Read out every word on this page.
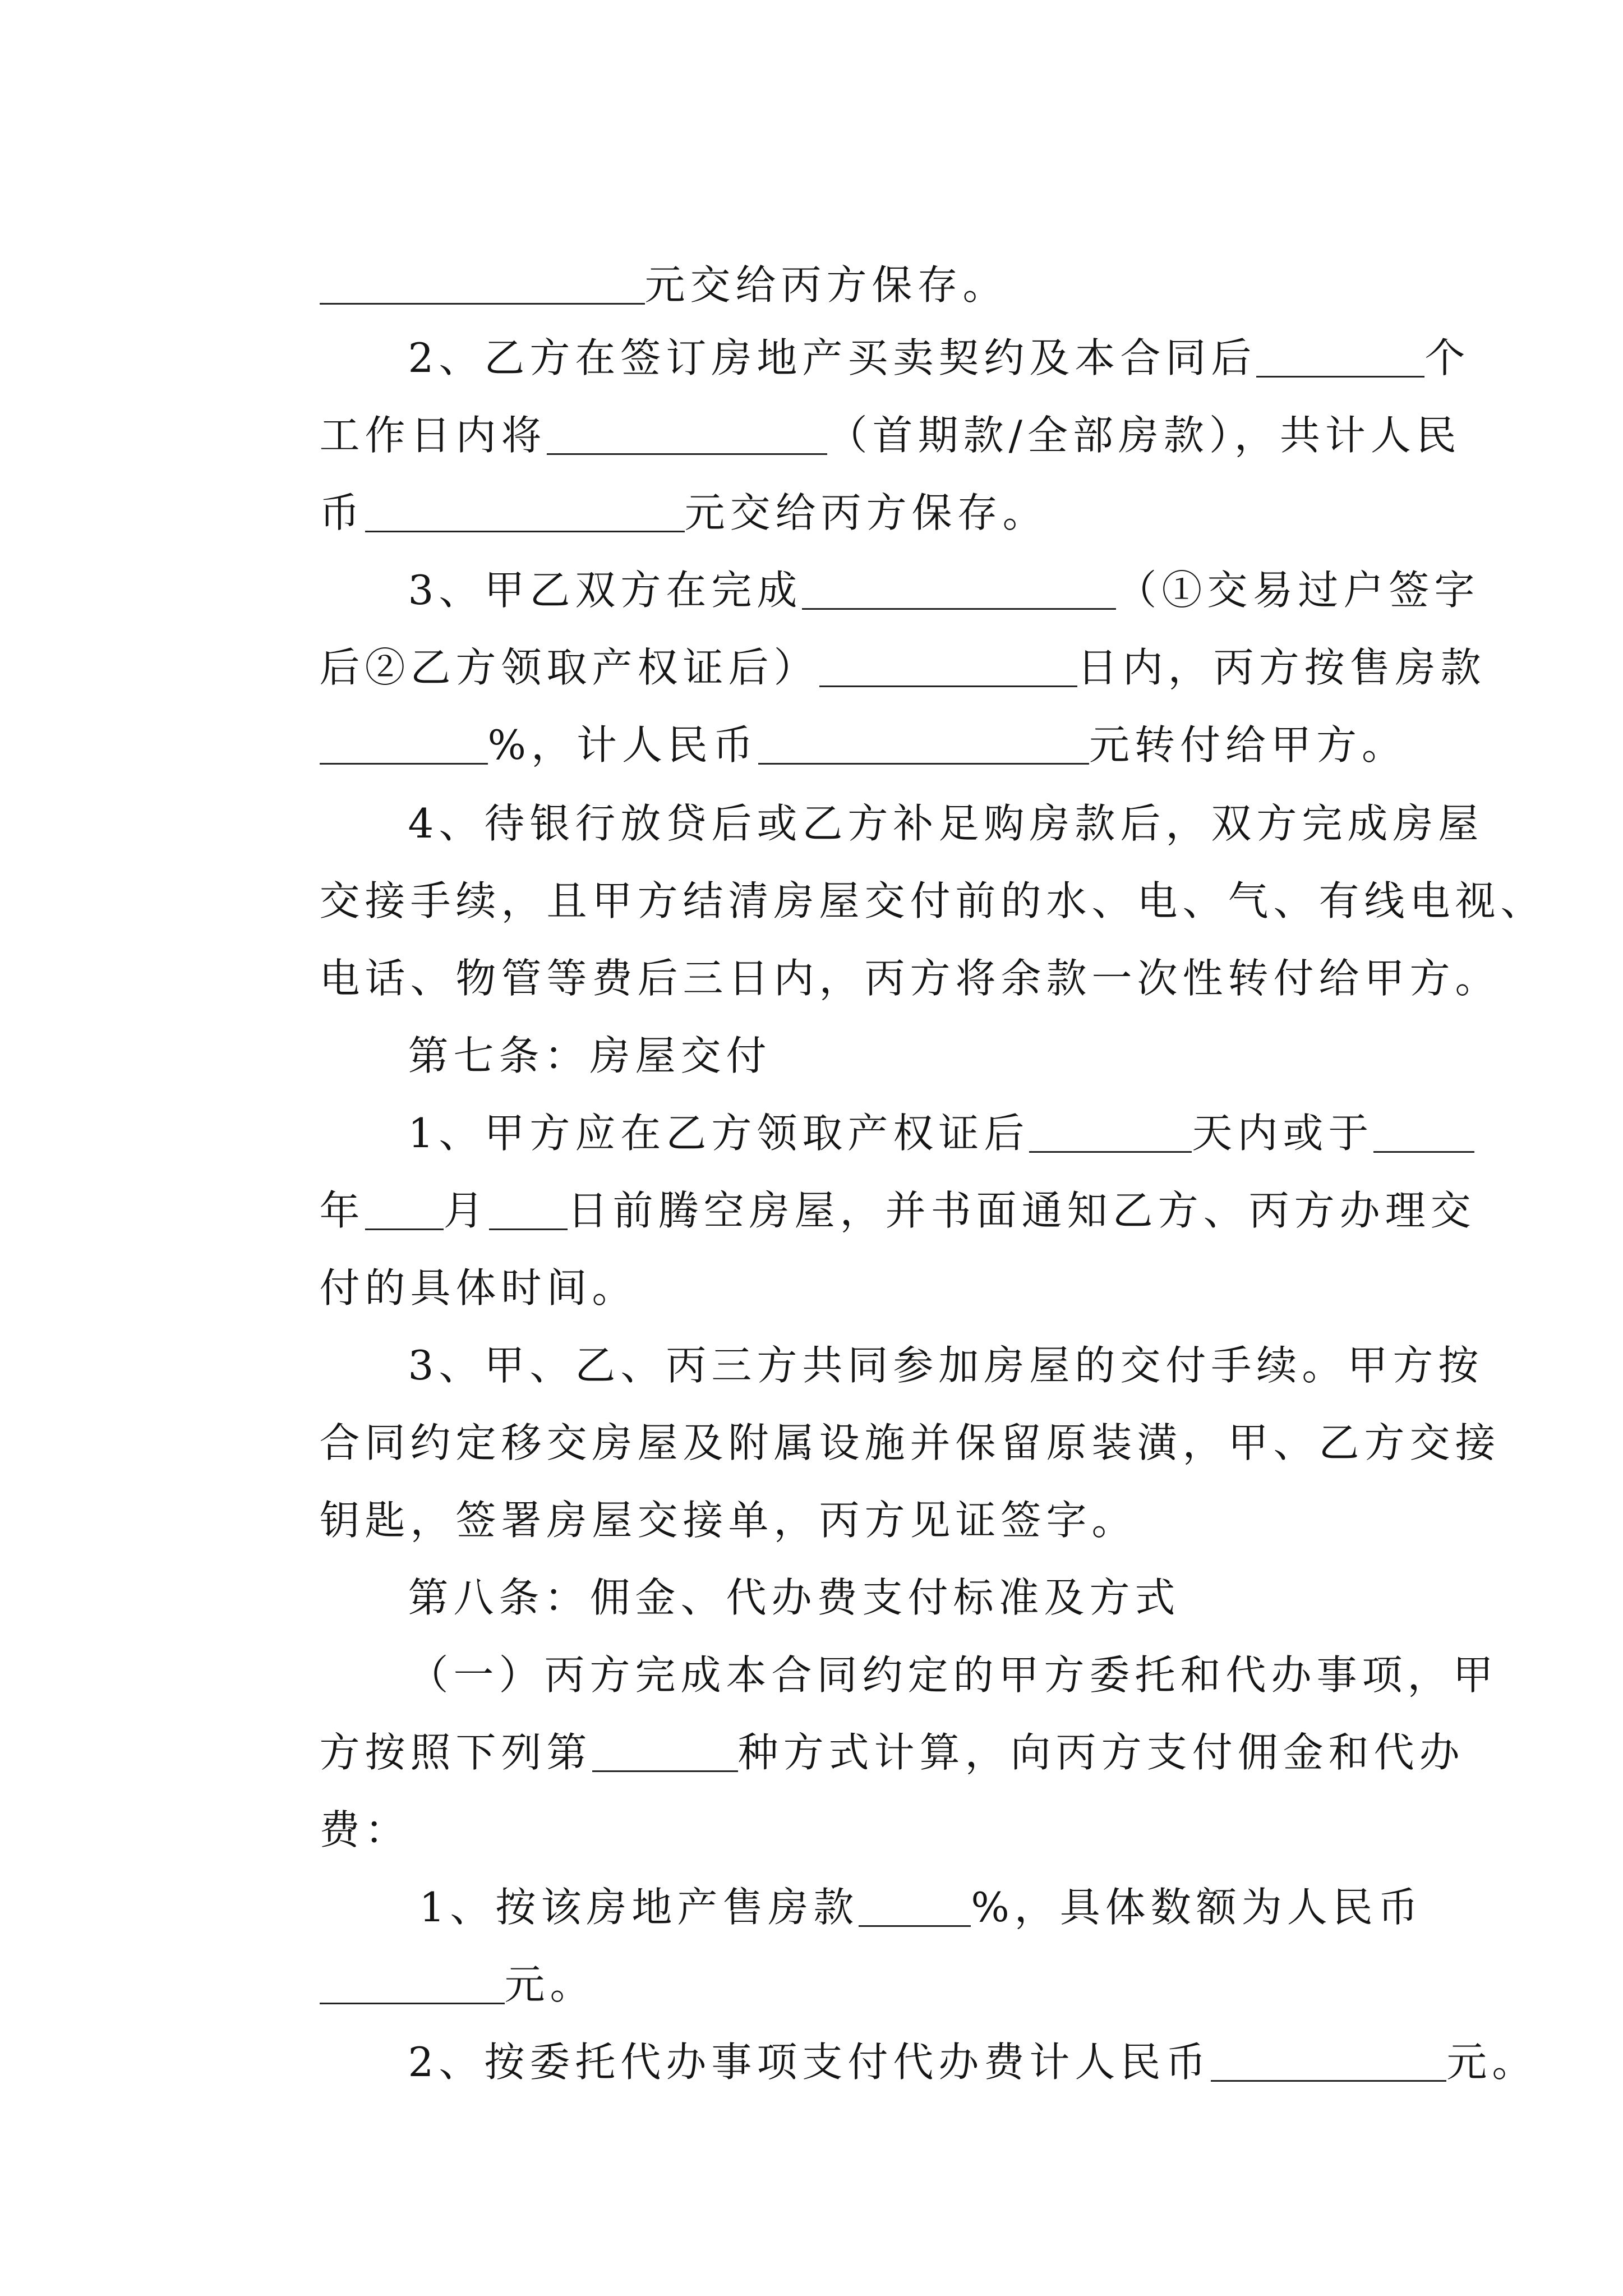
元交给丙方保存。

2、乙方在签订房地产买卖契约及本合同后	个

工作日内将	（首期款/全部房款），共计人民

币	元交给丙方保存。

3、甲乙双方在完成	（①交易过户签字

后②乙方领取产权证后）	日内，丙方按售房款

%，计人民币	元转付给甲方。

4、待银行放贷后或乙方补足购房款后，双方完成房屋

交接手续，且甲方结清房屋交付前的水、电、气、有线电视、

电话、物管等费后三日内，丙方将余款一次性转付给甲方。

第七条：房屋交付

1、甲方应在乙方领取产权证后	天内或于

年 月 日前腾空房屋，并书面通知乙方、丙方办理交

付的具体时间。

3、甲、乙、丙三方共同参加房屋的交付手续。甲方按

合同约定移交房屋及附属设施并保留原装潢，甲、乙方交接

钥匙，签署房屋交接单，丙方见证签字。

第八条：佣金、代办费支付标准及方式

（一）丙方完成本合同约定的甲方委托和代办事项，甲

方按照下列第	种方式计算，向丙方支付佣金和代办

费：

1、按该房地产售房款	%，具体数额为人民币

元。

2、按委托代办事项支付代办费计人民币	元。
